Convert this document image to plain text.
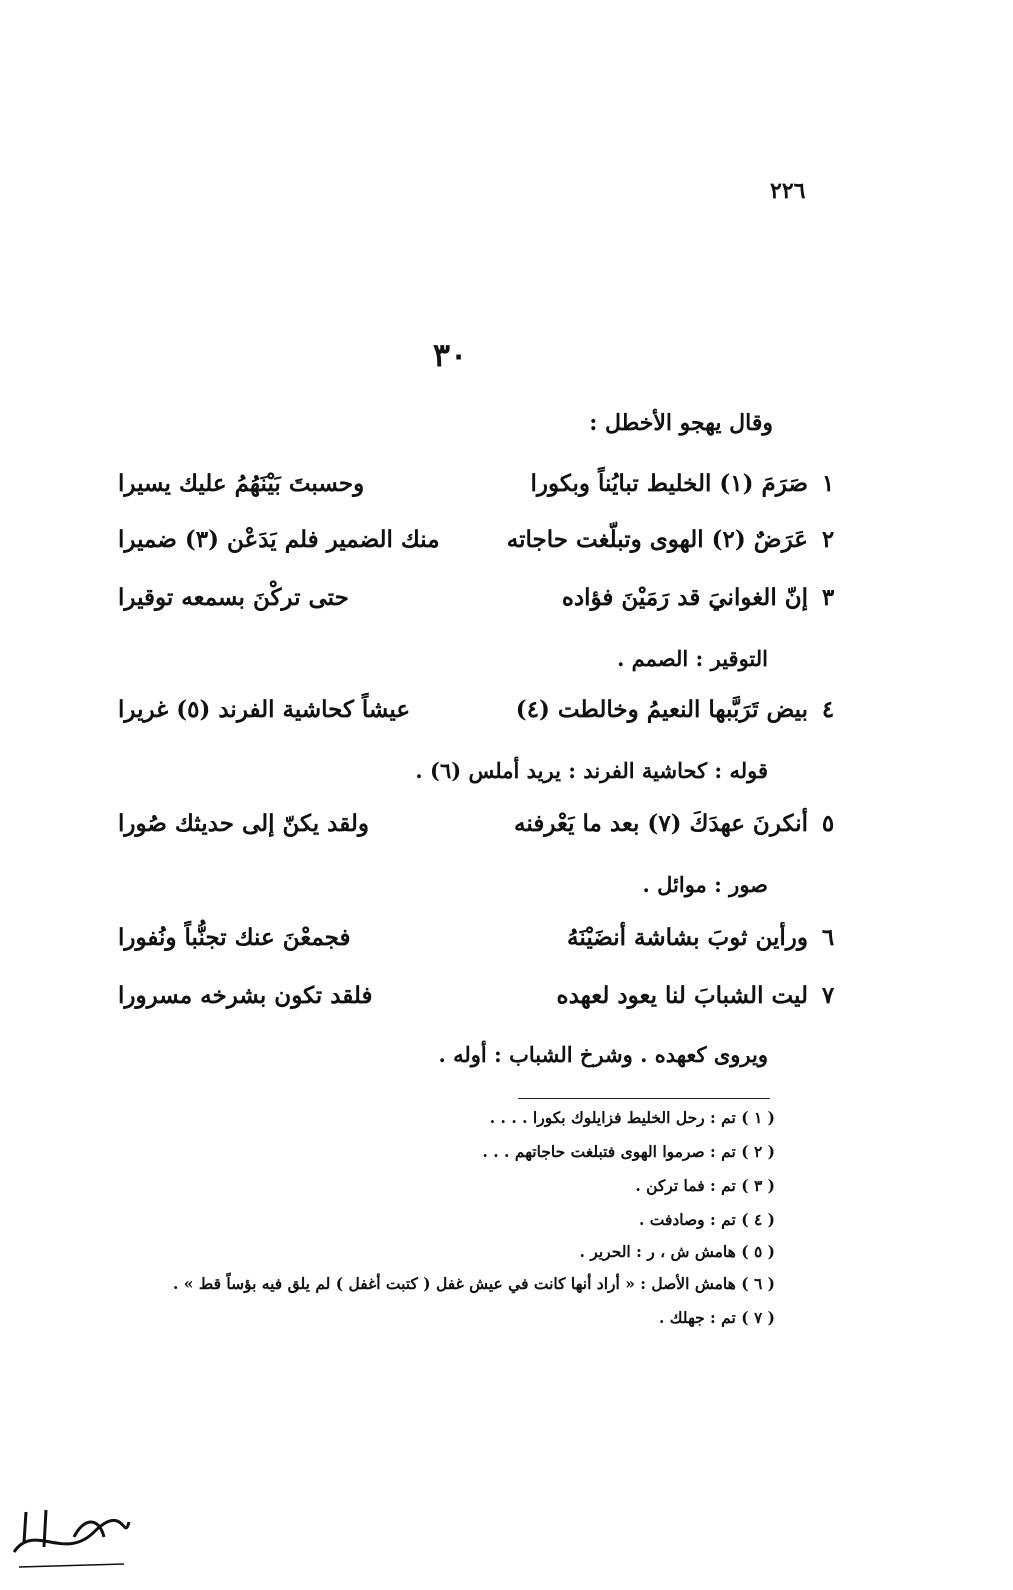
٢٢٦
٣٠
وقال يهجو الأخطل :
١
صَرَمَ (١) الخليط تبايُناً وبكورا
وحسبتَ بَيْنَهُمُ عليك يسيرا
٢
عَرَضٌ (٢) الهوى وتبلّغت حاجاته
منك الضمير فلم يَدَعْن (٣) ضميرا
٣
إنّ الغوانيَ قد رَمَيْنَ فؤاده
حتى تركْنَ بسمعه توقيرا
التوقير : الصمم .
٤
بيض تَرَبَّبها النعيمُ وخالطت (٤)
عيشاً كحاشية الفرند (٥) غريرا
قوله : كحاشية الفرند : يريد أملس (٦) .
٥
أنكرنَ عهدَكَ (٧) بعد ما يَعْرفنه
ولقد يكنّ إلى حديثك صُورا
صور : موائل .
٦
ورأين ثوبَ بشاشة أنضَيْنَهُ
فجمعْنَ عنك تجنُّباً ونُفورا
٧
ليت الشبابَ لنا يعود لعهده
فلقد تكون بشرخه مسرورا
ويروى كعهده . وشرخ الشباب : أوله .
( ١ ) تم : رحل الخليط فزايلوك بكورا . . . .
( ٢ ) تم : صرموا الهوى فتبلغت حاجاتهم . . .
( ٣ ) تم : فما تركن .
( ٤ ) تم : وصادفت .
( ٥ ) هامش ش ، ر : الحرير .
( ٦ ) هامش الأصل : « أراد أنها كانت في عيش غفل ( كتبت أغفل ) لم يلق فيه بؤساً قط » .
( ٧ ) تم : جهلك .
